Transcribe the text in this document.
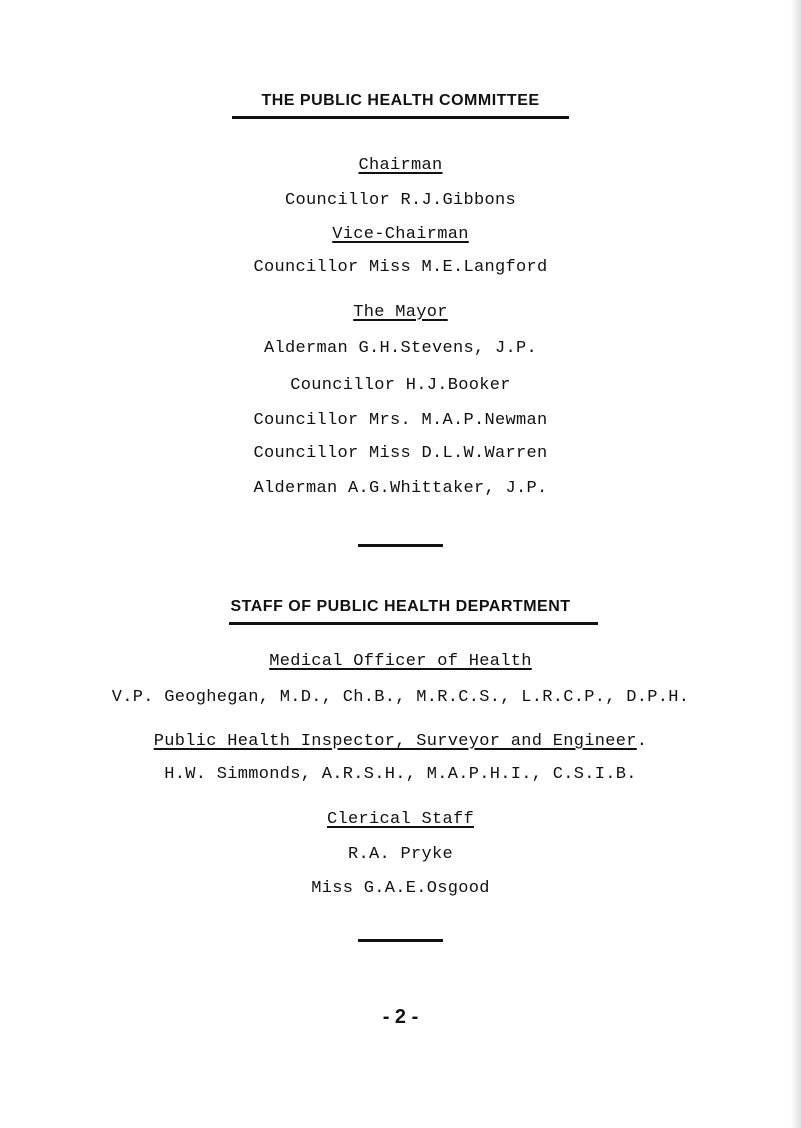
THE PUBLIC HEALTH COMMITTEE
Chairman
Councillor R.J.Gibbons
Vice-Chairman
Councillor Miss M.E.Langford
The Mayor
Alderman G.H.Stevens, J.P.
Councillor H.J.Booker
Councillor Mrs. M.A.P.Newman
Councillor Miss D.L.W.Warren
Alderman A.G.Whittaker, J.P.
STAFF OF PUBLIC HEALTH DEPARTMENT
Medical Officer of Health
V.P. Geoghegan, M.D., Ch.B., M.R.C.S., L.R.C.P., D.P.H.
Public Health Inspector, Surveyor and Engineer.
H.W. Simmonds, A.R.S.H., M.A.P.H.I., C.S.I.B.
Clerical Staff
R.A. Pryke
Miss G.A.E.Osgood
- 2 -
